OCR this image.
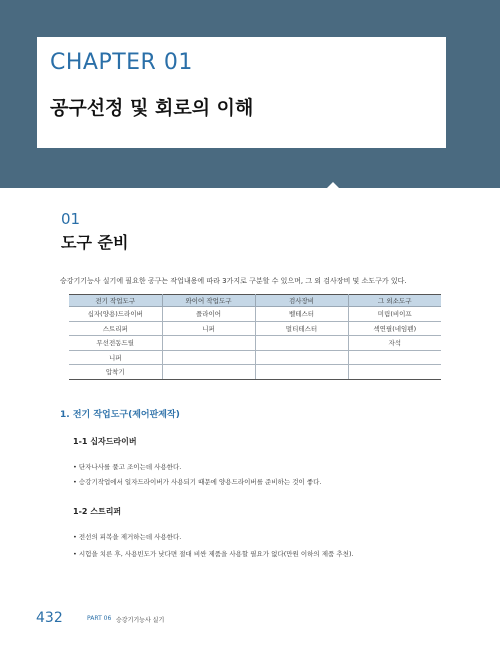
CHAPTER 01
공구선정 및 회로의 이해
01
도구 준비
승강기기능사 실기에 필요한 공구는 작업내용에 따라 3가지로 구분할 수 있으며, 그 외 검사장비 및 소도구가 있다.
전기 작업도구	와이어 작업도구	검사장비	그 외소도구
십자(양용)드라이버	플라이어	벨테스터	미림(비이프
스트리퍼	니퍼	멀티테스터	섹연필(네임펜)
무선전동드릴			자석
니퍼			
압착기			
1. 전기 작업도구(제어판제작)
1-1 십자드라이버
• 단자나사를 풀고 조이는데 사용한다.
• 승강기작업에서 일자드라이버가 사용되기 때문에 양용드라이버를 준비하는 것이 좋다.
1-2 스트리퍼
• 전선의 피복을 제거하는데 사용한다.
• 시험을 치른 후, 사용빈도가 낮다면 절대 비싼 제품을 사용할 필요가 없다(만원 이하의 제품 추천).
432	PART 06 승강기기능사 실기
